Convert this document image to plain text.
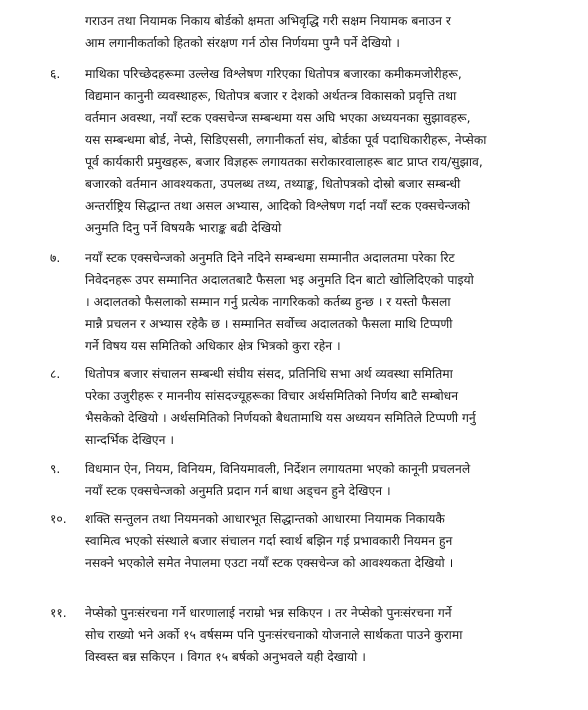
गराउन तथा नियामक निकाय बोर्डको क्षमता अभिवृद्धि गरी सक्षम नियामक बनाउन र
आम लगानीकर्ताको हितको संरक्षण गर्न ठोस निर्णयमा पुग्नै पर्ने देखियो ।
६.	माथिका परिच्छेदहरूमा उल्लेख विश्लेषण गरिएका धितोपत्र बजारका कमीकमजोरीहरू,
विद्यमान कानुनी व्यवस्थाहरू, धितोपत्र बजार र देशको अर्थतन्त्र विकासको प्रवृत्ति तथा
वर्तमान अवस्था, नयाँ स्टक एक्सचेन्ज सम्बन्धमा यस अघि भएका अध्ययनका सुझावहरू,
यस सम्बन्धमा बोर्ड, नेप्से, सिडिएससी, लगानीकर्ता संघ, बोर्डका पूर्व पदाधिकारीहरू, नेप्सेका
पूर्व कार्यकारी प्रमुखहरू, बजार विज्ञहरू लगायतका सरोकारवालाहरू बाट प्राप्त राय/सुझाव,
बजारको वर्तमान आवश्यकता, उपलब्ध तथ्य, तथ्याङ्क, धितोपत्रको दोस्रो बजार सम्बन्धी
अन्तर्राष्ट्रिय सिद्धान्त तथा असल अभ्यास, आदिको विश्लेषण गर्दा नयाँ स्टक एक्सचेन्जको
अनुमति दिनु पर्ने विषयकै भाराङ्क बढी देखियो
७.	नयाँ स्टक एक्सचेन्जको अनुमति दिने नदिने सम्बन्धमा सम्मानीत अदालतमा परेका रिट
निवेदनहरू उपर सम्मानित अदालतबाटै फैसला भइ अनुमति दिन बाटो खोलिदिएको पाइयो
। अदालतको फैसलाको सम्मान गर्नु प्रत्येक नागरिकको कर्तब्य हुन्छ । र यस्तो फैसला
मान्नै प्रचलन र अभ्यास रहेकै छ । सम्मानित सर्वोच्च अदालतको फैसला माथि टिप्पणी
गर्ने विषय यस समितिको अधिकार क्षेत्र भित्रको कुरा रहेन ।
८.	धितोपत्र बजार संचालन सम्बन्धी संघीय संसद, प्रतिनिधि सभा अर्थ व्यवस्था समितिमा
परेका उजुरीहरू र माननीय सांसदज्यूहरूका विचार अर्थसमितिको निर्णय बाटै सम्बोधन
भैसकेको देखियो । अर्थसमितिको निर्णयको बैधतामाथि यस अध्ययन समितिले टिप्पणी गर्नु
सान्दर्भिक देखिएन ।
९.	विधमान ऐन, नियम, विनियम, विनियमावली, निर्देशन लगायतमा भएको कानूनी प्रचलनले
नयाँ स्टक एक्सचेन्जको अनुमति प्रदान गर्न बाधा अड्चन हुने देखिएन ।
१०.	शक्ति सन्तुलन तथा नियमनको आधारभूत सिद्धान्तको आधारमा नियामक निकायकै
स्वामित्व भएको संस्थाले बजार संचालन गर्दा स्वार्थ बझिन गई प्रभावकारी नियमन हुन
नसक्ने भएकोले समेत नेपालमा एउटा नयाँ स्टक एक्सचेन्ज को आवश्यकता देखियो ।
११.	नेप्सेको पुनःसंरचना गर्ने धारणालाई नराम्रो भन्न सकिएन । तर नेप्सेको पुनःसंरचना गर्ने
सोच राख्यो भने अर्को १५ वर्षसम्म पनि पुनःसंरचनाको योजनाले सार्थकता पाउने कुरामा
विस्वस्त बन्न सकिएन । विगत १५ बर्षको अनुभवले यही देखायो ।
